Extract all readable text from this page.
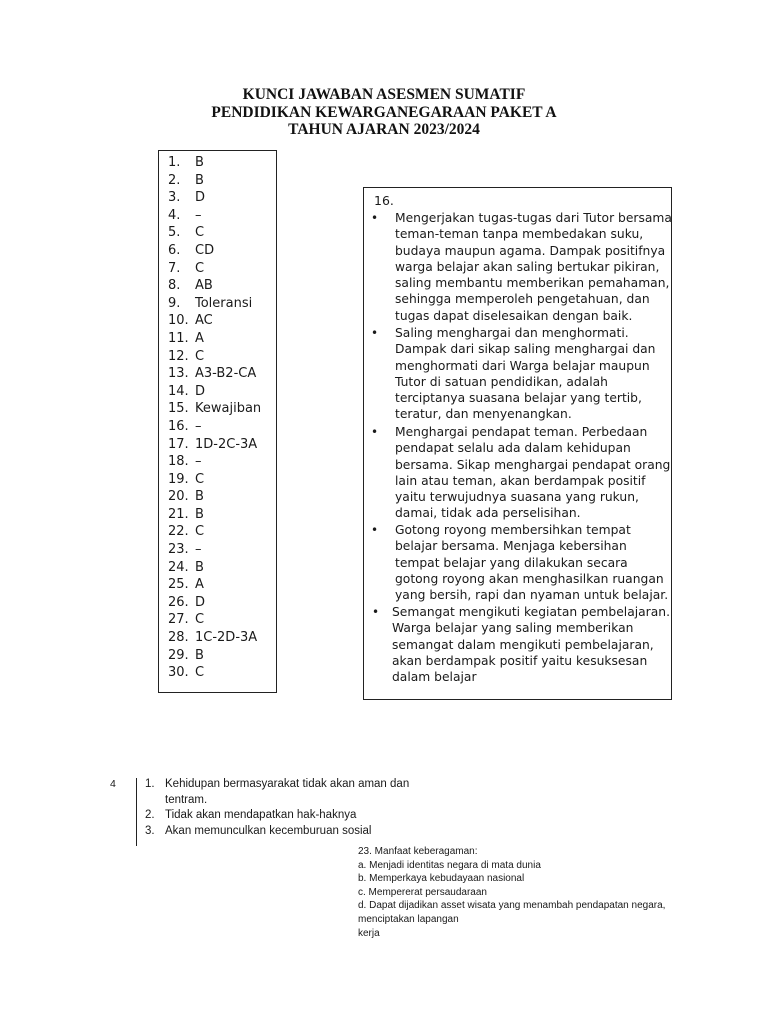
KUNCI JAWABAN ASESMEN SUMATIF
PENDIDIKAN KEWARGANEGARAAN PAKET A
TAHUN AJARAN 2023/2024
1. B
2. B
3. D
4. –
5. C
6. CD
7. C
8. AB
9. Toleransi
10. AC
11. A
12. C
13. A3-B2-CA
14. D
15. Kewajiban
16. –
17. 1D-2C-3A
18. –
19. C
20. B
21. B
22. C
23. –
24. B
25. A
26. D
27. C
28. 1C-2D-3A
29. B
30. C
16.
• Mengerjakan tugas-tugas dari Tutor bersama teman-teman tanpa membedakan suku, budaya maupun agama. Dampak positifnya warga belajar akan saling bertukar pikiran, saling membantu memberikan pemahaman, sehingga memperoleh pengetahuan, dan tugas dapat diselesaikan dengan baik.
• Saling menghargai dan menghormati. Dampak dari sikap saling menghargai dan menghormati dari Warga belajar maupun Tutor di satuan pendidikan, adalah terciptanya suasana belajar yang tertib, teratur, dan menyenangkan.
• Menghargai pendapat teman. Perbedaan pendapat selalu ada dalam kehidupan bersama. Sikap menghargai pendapat orang lain atau teman, akan berdampak positif yaitu terwujudnya suasana yang rukun, damai, tidak ada perselisihan.
• Gotong royong membersihkan tempat belajar bersama. Menjaga kebersihan tempat belajar yang dilakukan secara gotong royong akan menghasilkan ruangan yang bersih, rapi dan nyaman untuk belajar.
• Semangat mengikuti kegiatan pembelajaran. Warga belajar yang saling memberikan semangat dalam mengikuti pembelajaran, akan berdampak positif yaitu kesuksesan dalam belajar
4	1. Kehidupan bermasyarakat tidak akan aman dan tentram.
2. Tidak akan mendapatkan hak-haknya
3. Akan memunculkan kecemburuan sosial
23. Manfaat keberagaman:
a. Menjadi identitas negara di mata dunia
b. Memperkaya kebudayaan nasional
c. Mempererat persaudaraan
d. Dapat dijadikan asset wisata yang menambah pendapatan negara, menciptakan lapangan
kerja
